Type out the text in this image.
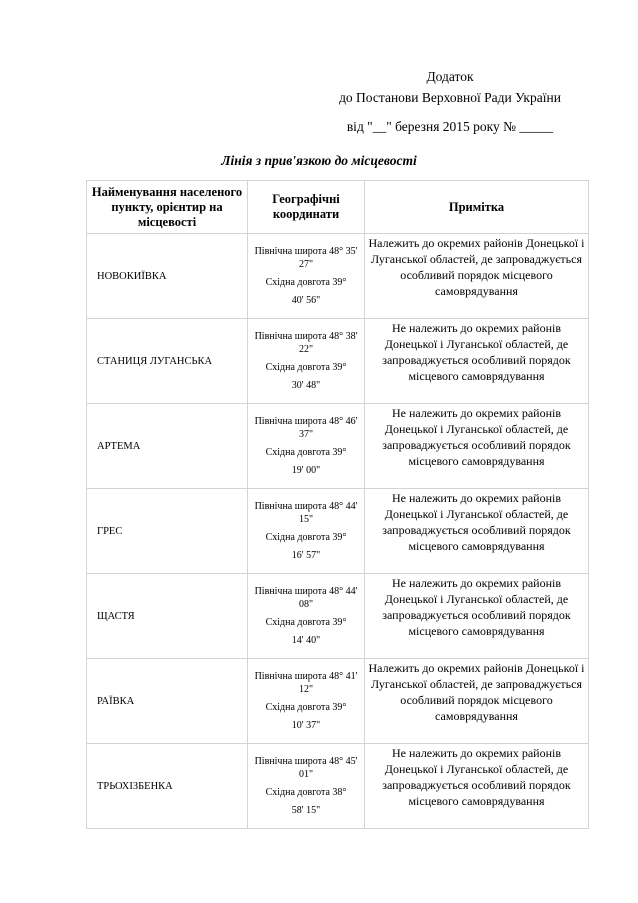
Додаток
до Постанови Верховної Ради України
від "__" березня 2015 року № _____
Лінія з прив'язкою до місцевості
Найменування населеного пункту, орієнтир на місцевості	Географічні координати	Примітка

НОВОКИЇВКА	Північна широта 48° 35' 27"
Східна довгота 39°
40' 56"	Належить до окремих районів Донецької і Луганської областей, де запроваджується особливий порядок місцевого самоврядування

СТАНИЦЯ ЛУГАНСЬКА	Північна широта 48° 38' 22"
Східна довгота 39°
30' 48"	Не належить до окремих районів Донецької і Луганської областей, де запроваджується особливий порядок місцевого самоврядування

АРТЕМА	Північна широта 48° 46' 37"
Східна довгота 39°
19' 00"	Не належить до окремих районів Донецької і Луганської областей, де запроваджується особливий порядок місцевого самоврядування

ГРЕС	Північна широта 48° 44' 15"
Східна довгота 39°
16' 57"	Не належить до окремих районів Донецької і Луганської областей, де запроваджується особливий порядок місцевого самоврядування

ЩАСТЯ	Північна широта 48° 44' 08"
Східна довгота 39°
14' 40"	Не належить до окремих районів Донецької і Луганської областей, де запроваджується особливий порядок місцевого самоврядування

РАЇВКА	Північна широта 48° 41' 12"
Східна довгота 39°
10' 37"	Належить до окремих районів Донецької і Луганської областей, де запроваджується особливий порядок місцевого самоврядування

ТРЬОХІЗБЕНКА	Північна широта 48° 45' 01"
Східна довгота 38°
58' 15"	Не належить до окремих районів Донецької і Луганської областей, де запроваджується особливий порядок місцевого самоврядування
